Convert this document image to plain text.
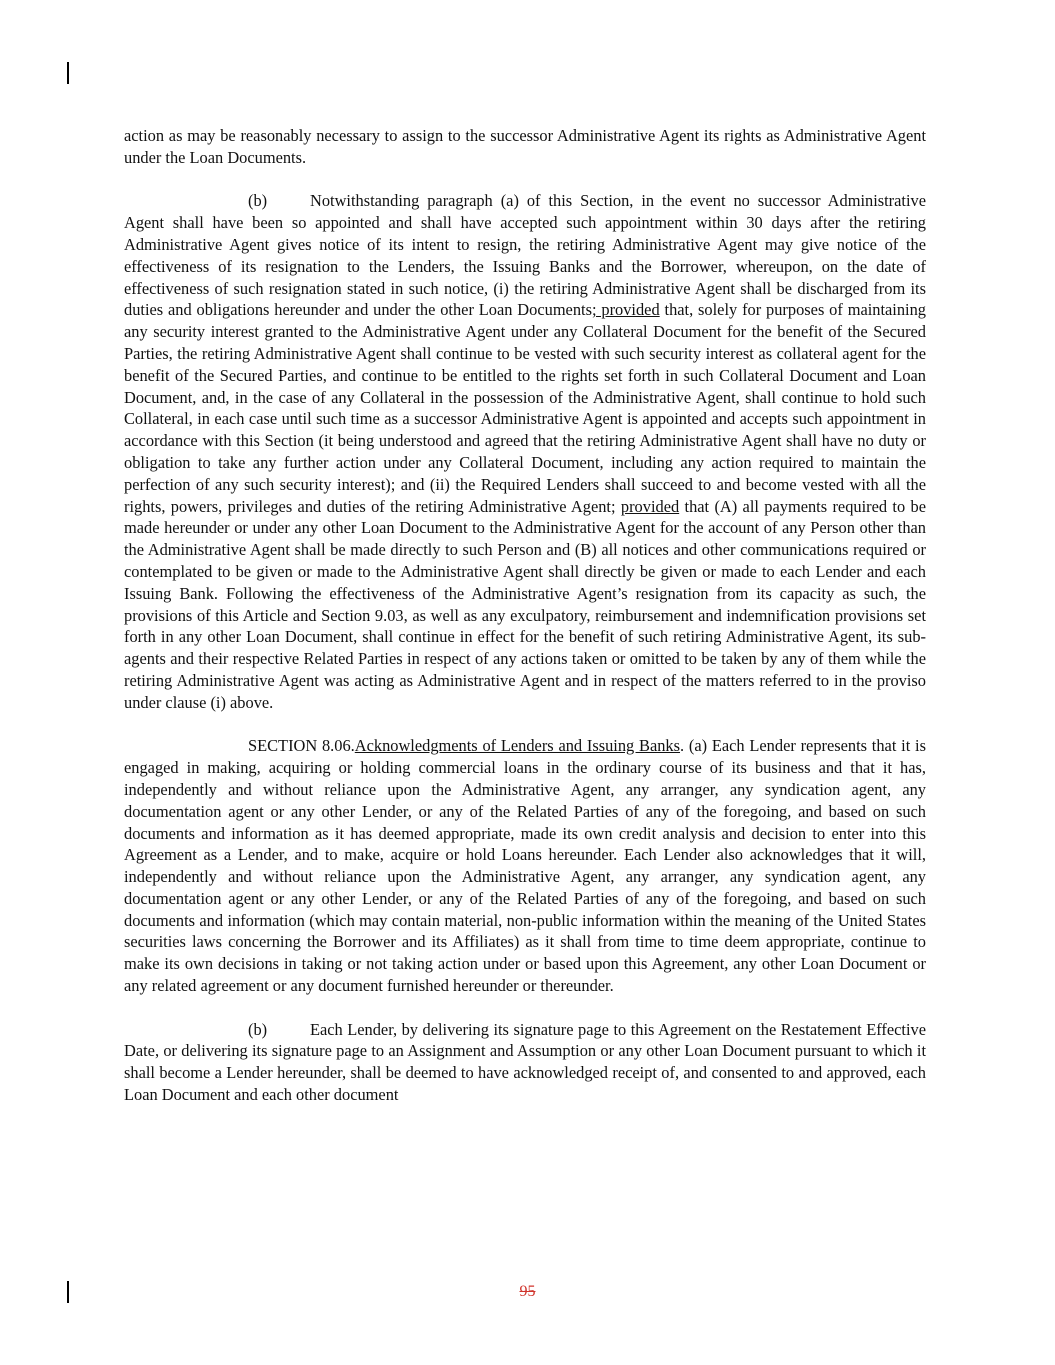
action as may be reasonably necessary to assign to the successor Administrative Agent its rights as Administrative Agent under the Loan Documents.

(b)	Notwithstanding paragraph (a) of this Section, in the event no successor Administrative Agent shall have been so appointed and shall have accepted such appointment within 30 days after the retiring Administrative Agent gives notice of its intent to resign, the retiring Administrative Agent may give notice of the effectiveness of its resignation to the Lenders, the Issuing Banks and the Borrower, whereupon, on the date of effectiveness of such resignation stated in such notice, (i) the retiring Administrative Agent shall be discharged from its duties and obligations hereunder and under the other Loan Documents; provided that, solely for purposes of maintaining any security interest granted to the Administrative Agent under any Collateral Document for the benefit of the Secured Parties, the retiring Administrative Agent shall continue to be vested with such security interest as collateral agent for the benefit of the Secured Parties, and continue to be entitled to the rights set forth in such Collateral Document and Loan Document, and, in the case of any Collateral in the possession of the Administrative Agent, shall continue to hold such Collateral, in each case until such time as a successor Administrative Agent is appointed and accepts such appointment in accordance with this Section (it being understood and agreed that the retiring Administrative Agent shall have no duty or obligation to take any further action under any Collateral Document, including any action required to maintain the perfection of any such security interest); and (ii) the Required Lenders shall succeed to and become vested with all the rights, powers, privileges and duties of the retiring Administrative Agent; provided that (A) all payments required to be made hereunder or under any other Loan Document to the Administrative Agent for the account of any Person other than the Administrative Agent shall be made directly to such Person and (B) all notices and other communications required or contemplated to be given or made to the Administrative Agent shall directly be given or made to each Lender and each Issuing Bank. Following the effectiveness of the Administrative Agent’s resignation from its capacity as such, the provisions of this Article and Section 9.03, as well as any exculpatory, reimbursement and indemnification provisions set forth in any other Loan Document, shall continue in effect for the benefit of such retiring Administrative Agent, its sub-agents and their respective Related Parties in respect of any actions taken or omitted to be taken by any of them while the retiring Administrative Agent was acting as Administrative Agent and in respect of the matters referred to in the proviso under clause (i) above.

SECTION 8.06.Acknowledgments of Lenders and Issuing Banks. (a) Each Lender represents that it is engaged in making, acquiring or holding commercial loans in the ordinary course of its business and that it has, independently and without reliance upon the Administrative Agent, any arranger, any syndication agent, any documentation agent or any other Lender, or any of the Related Parties of any of the foregoing, and based on such documents and information as it has deemed appropriate, made its own credit analysis and decision to enter into this Agreement as a Lender, and to make, acquire or hold Loans hereunder. Each Lender also acknowledges that it will, independently and without reliance upon the Administrative Agent, any arranger, any syndication agent, any documentation agent or any other Lender, or any of the Related Parties of any of the foregoing, and based on such documents and information (which may contain material, non-public information within the meaning of the United States securities laws concerning the Borrower and its Affiliates) as it shall from time to time deem appropriate, continue to make its own decisions in taking or not taking action under or based upon this Agreement, any other Loan Document or any related agreement or any document furnished hereunder or thereunder.

(b)	Each Lender, by delivering its signature page to this Agreement on the Restatement Effective Date, or delivering its signature page to an Assignment and Assumption or any other Loan Document pursuant to which it shall become a Lender hereunder, shall be deemed to have acknowledged receipt of, and consented to and approved, each Loan Document and each other document

95
